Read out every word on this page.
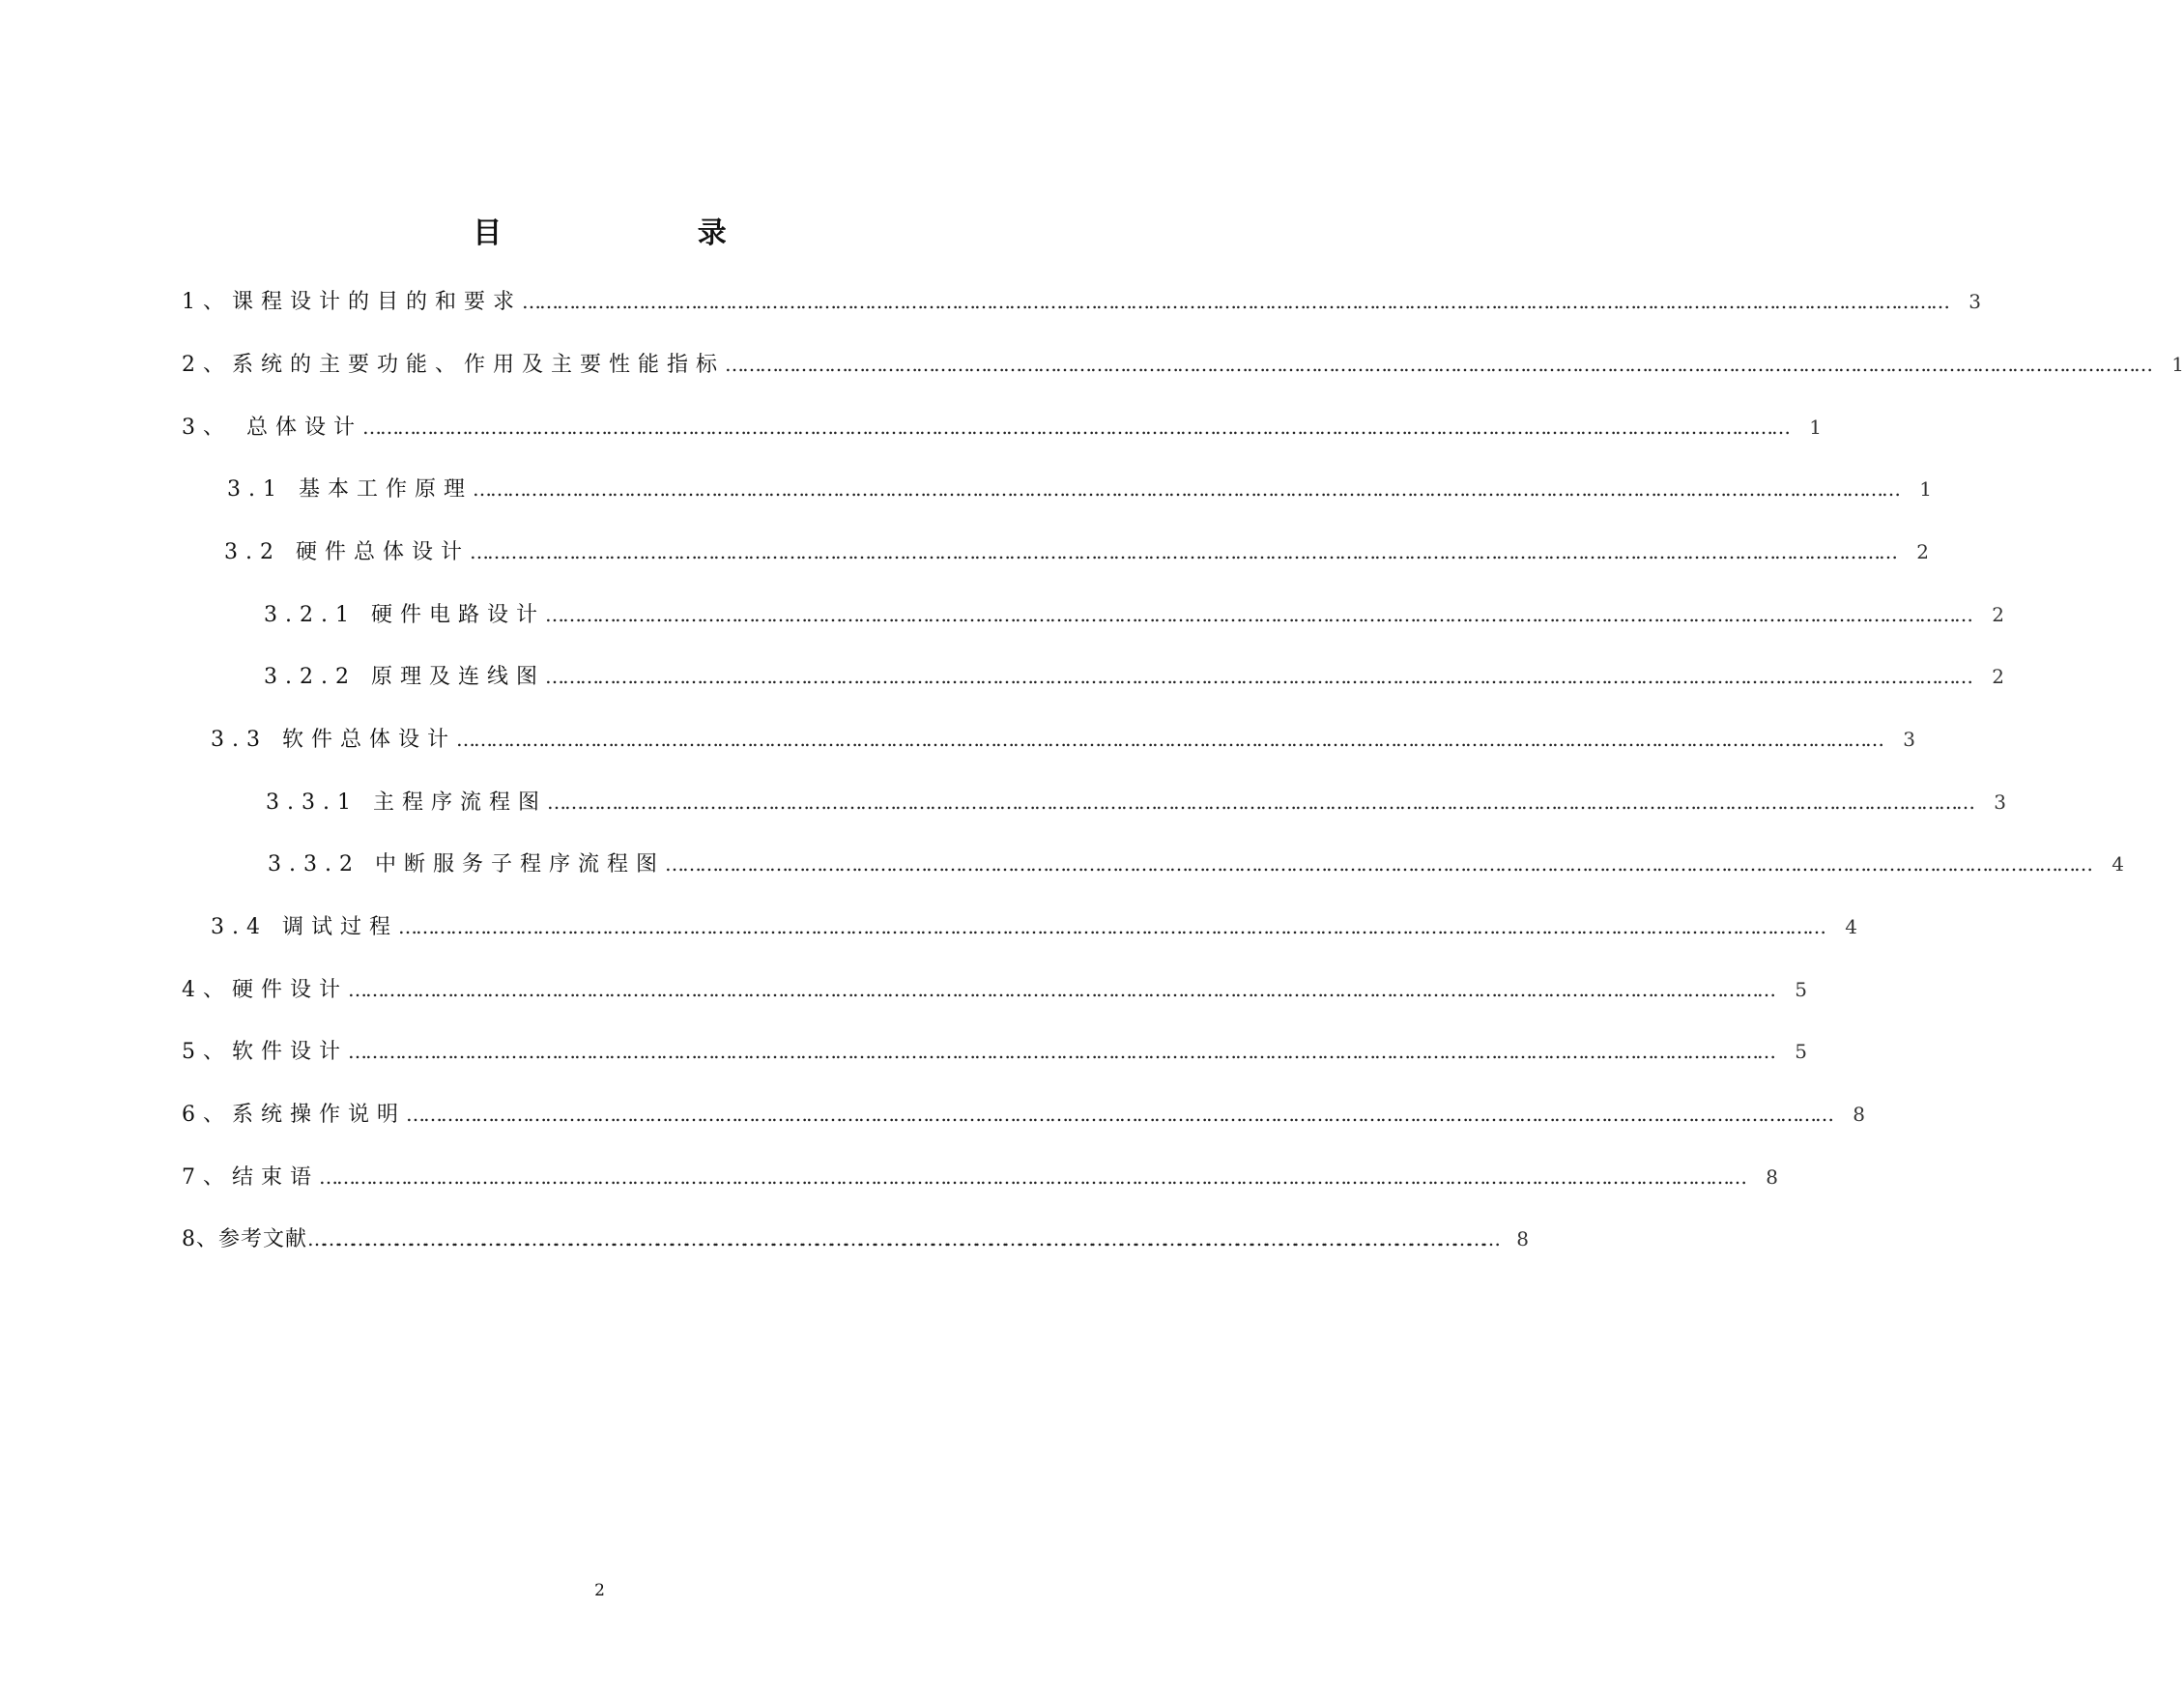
目 录
1、课程设计的目的和要求 …………………………………………………………………………………………………………………………………………………………………………………………………………………………	3
2、系统的主要功能、作用及主要性能指标 …………………………………………………………………………………………………………………………………………………………………………………………………………………………	1
3、 总体设计 …………………………………………………………………………………………………………………………………………………………………………………………………………………………	1
3.1 基本工作原理 …………………………………………………………………………………………………………………………………………………………………………………………………………………………	1
3.2 硬件总体设计 …………………………………………………………………………………………………………………………………………………………………………………………………………………………	2
3.2.1 硬件电路设计 …………………………………………………………………………………………………………………………………………………………………………………………………………………………	2
3.2.2 原理及连线图 …………………………………………………………………………………………………………………………………………………………………………………………………………………………	2
3.3 软件总体设计 …………………………………………………………………………………………………………………………………………………………………………………………………………………………	3
3.3.1 主程序流程图 …………………………………………………………………………………………………………………………………………………………………………………………………………………………	3
3.3.2 中断服务子程序流程图 …………………………………………………………………………………………………………………………………………………………………………………………………………………………	4
3.4 调试过程 …………………………………………………………………………………………………………………………………………………………………………………………………………………………	4
4、硬件设计 …………………………………………………………………………………………………………………………………………………………………………………………………………………………	5
5、软件设计 …………………………………………………………………………………………………………………………………………………………………………………………………………………………	5
6、系统操作说明 …………………………………………………………………………………………………………………………………………………………………………………………………………………………	8
7、结束语 …………………………………………………………………………………………………………………………………………………………………………………………………………………………	8
8、参考文献 …………………………………………………………………………………………………………………………………………………………………………………………………………………………	8
2
